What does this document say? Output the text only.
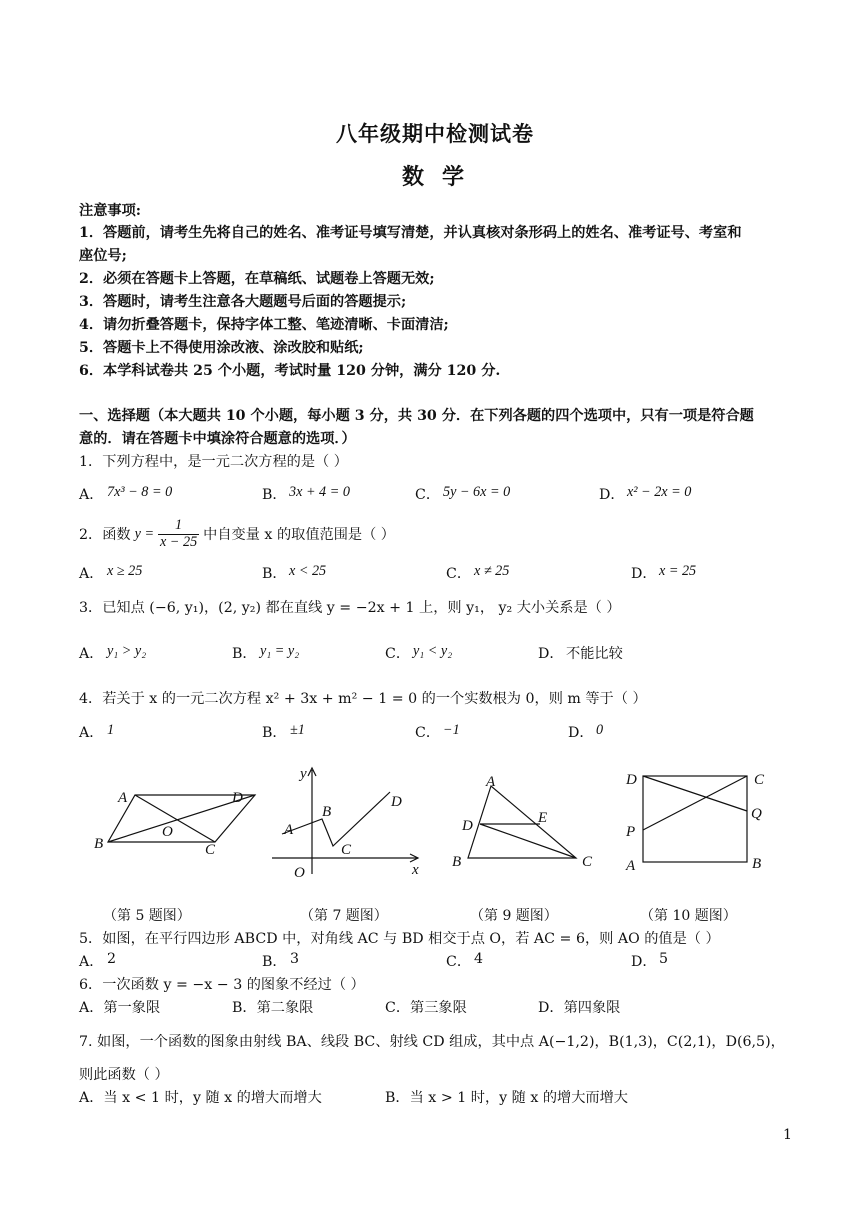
八年级期中检测试卷
数学
注意事项:
1．答题前，请考生先将自己的姓名、准考证号填写清楚，并认真核对条形码上的姓名、准考证号、考室和
座位号;
2．必须在答题卡上答题，在草稿纸、试题卷上答题无效;
3．答题时，请考生注意各大题题号后面的答题提示;
4．请勿折叠答题卡，保持字体工整、笔迹清晰、卡面清洁;
5．答题卡上不得使用涂改液、涂改胶和贴纸;
6．本学科试卷共 25 个小题，考试时量 120 分钟，满分 120 分.
一、选择题（本大题共 10 个小题，每小题 3 分，共 30 分．在下列各题的四个选项中，只有一项是符合题
意的．请在答题卡中填涂符合题意的选项．）
1．下列方程中，是一元二次方程的是（ ）
A． 7x³ − 8 = 0	B． 3x + 4 = 0	C． 5y − 6x = 0	D． x² − 2x = 0
2．函数 $y = \frac{1}{x - 25}$ 中自变量 x 的取值范围是（ ）
A． x ≥ 25	B． x < 25	C． x ≠ 25	D． x = 25
3．已知点 (−6, y₁)，(2, y₂) 都在直线 y = −2x + 1 上，则 y₁， y₂ 大小关系是（ ）
A． y₁ > y₂	B． y₁ = y₂	C． y₁ < y₂	D． 不能比较
4．若关于 x 的一元二次方程 x² + 3x + m² − 1 = 0 的一个实数根为 0，则 m 等于（ ）
A． 1	B． ±1	C． −1	D． 0
A	D
B	C
O
y
x
O
A
B
C
D
A
D	E
B	C
D	C
Q
P
A	B
（第 5 题图）	（第 7 题图）	（第 9 题图）	（第 10 题图）
5．如图，在平行四边形 ABCD 中，对角线 AC 与 BD 相交于点 O，若 AC = 6，则 AO 的值是（ ）
A． 2	B． 3	C． 4	D． 5
6．一次函数 y = −x − 3 的图象不经过（ ）
A．第一象限	B．第二象限	C．第三象限	D．第四象限
7. 如图，一个函数的图象由射线 BA、线段 BC、射线 CD 组成，其中点 A(−1,2)，B(1,3)，C(2,1)，D(6,5)，
则此函数（ ）
A．当 x < 1 时，y 随 x 的增大而增大	B．当 x > 1 时，y 随 x 的增大而增大
1
